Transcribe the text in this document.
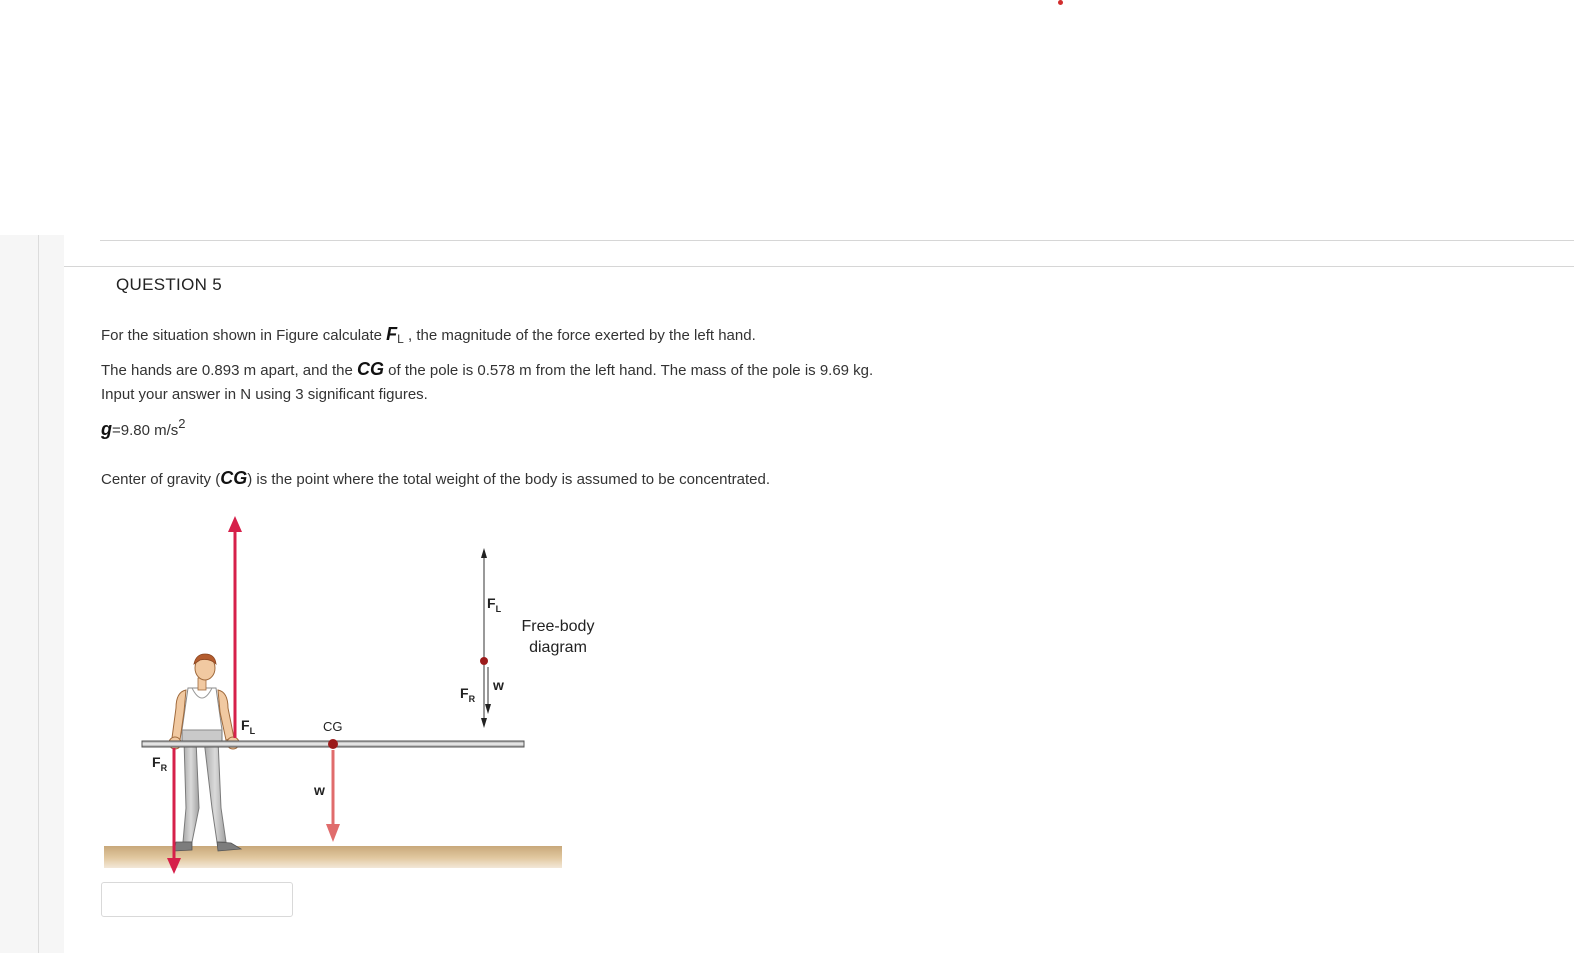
QUESTION 5
For the situation shown in Figure calculate $F_L$ , the magnitude of the force exerted by the left hand.
The hands are 0.893 m apart, and the CG of the pole is 0.578 m from the left hand. The mass of the pole is 9.69 kg.
Input your answer in N using 3 significant figures.
g=9.80 m/s2
Center of gravity (CG) is the point where the total weight of the body is assumed to be concentrated.
$F_L$
$F_R$
CG
w
$F_L$
$F_R$
w
Free-body
diagram
